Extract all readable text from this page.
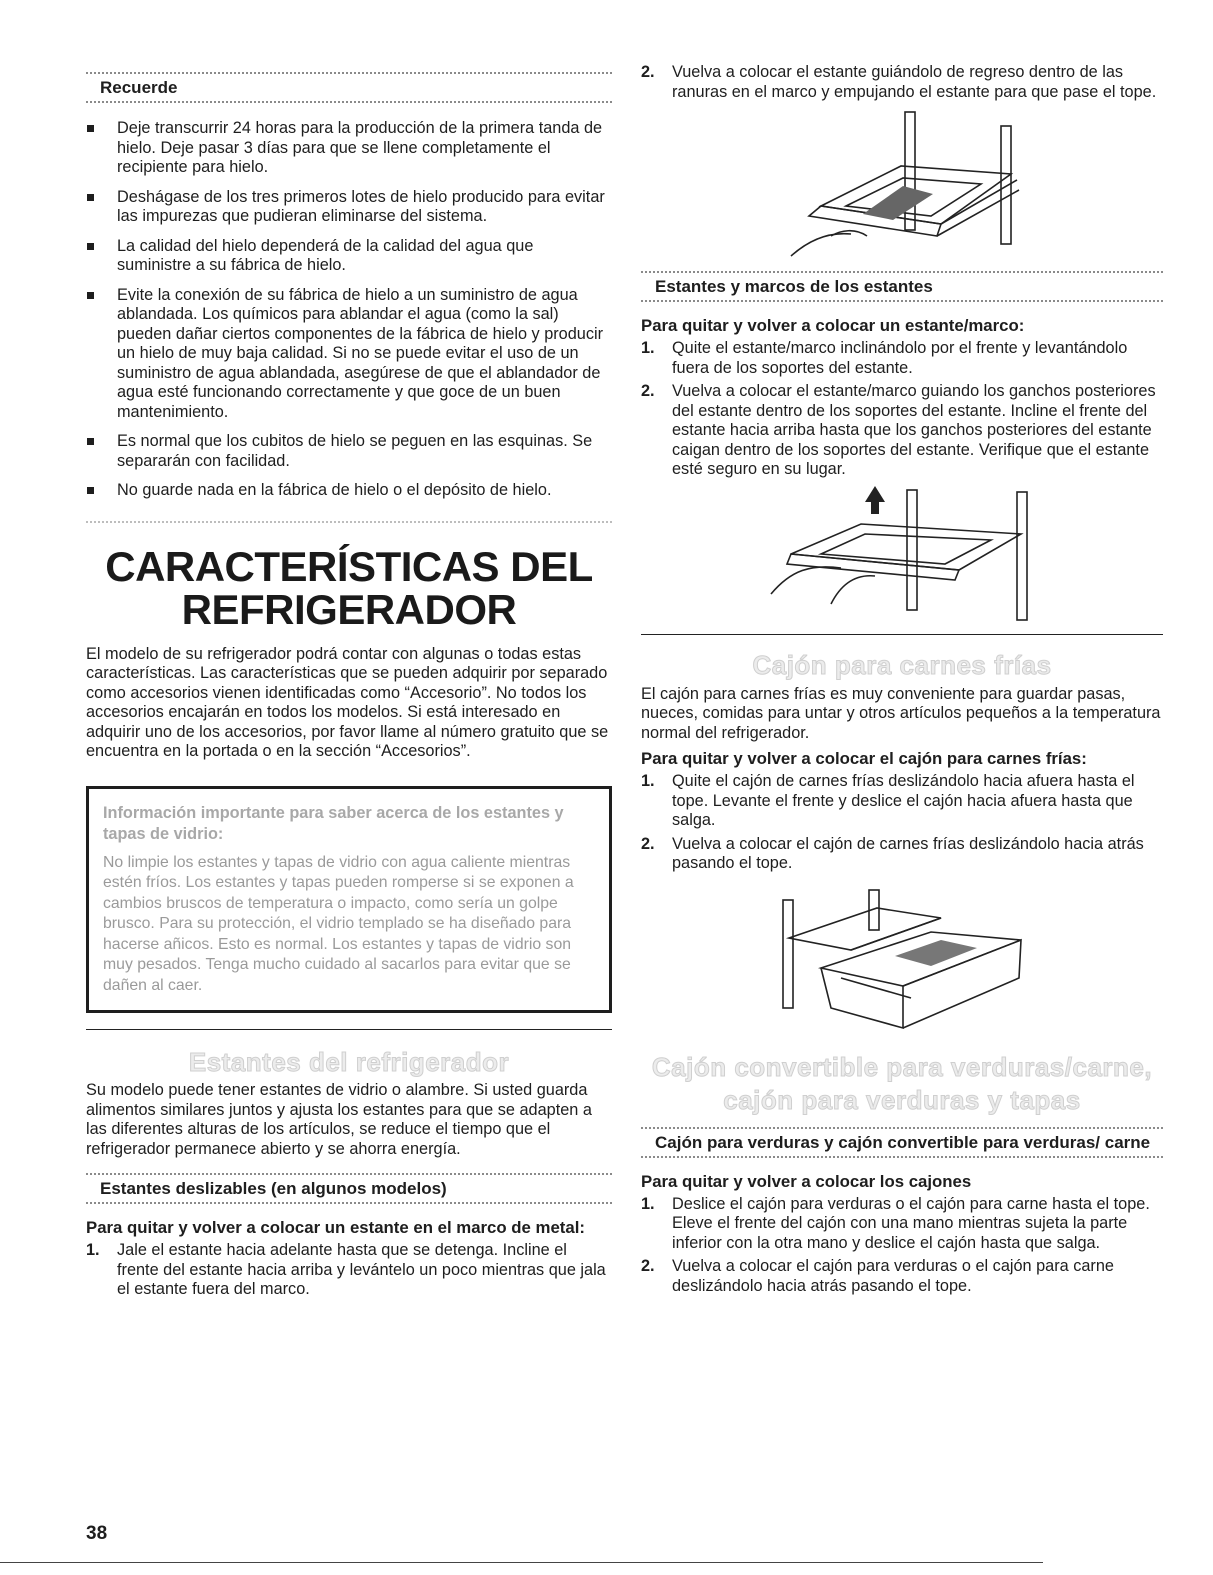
Recuerde
Deje transcurrir 24 horas para la producción de la primera tanda de hielo. Deje pasar 3 días para que se llene completamente el recipiente para hielo.
Deshágase de los tres primeros lotes de hielo producido para evitar las impurezas que pudieran eliminarse del sistema.
La calidad del hielo dependerá de la calidad del agua que suministre a su fábrica de hielo.
Evite la conexión de su fábrica de hielo a un suministro de agua ablandada. Los químicos para ablandar el agua (como la sal) pueden dañar ciertos componentes de la fábrica de hielo y producir un hielo de muy baja calidad. Si no se puede evitar el uso de un suministro de agua ablandada, asegúrese de que el ablandador de agua esté funcionando correctamente y que goce de un buen mantenimiento.
Es normal que los cubitos de hielo se peguen en las esquinas. Se separarán con facilidad.
No guarde nada en la fábrica de hielo o el depósito de hielo.
CARACTERÍSTICAS DEL
REFRIGERADOR

El modelo de su refrigerador podrá contar con algunas o todas estas características. Las características que se pueden adquirir por separado como accesorios vienen identificadas como “Accesorio”. No todos los accesorios encajarán en todos los modelos. Si está interesado en adquirir uno de los accesorios, por favor llame al número gratuito que se encuentra en la portada o en la sección “Accesorios”.

Información importante para saber acerca de los estantes y tapas de vidrio:

No limpie los estantes y tapas de vidrio con agua caliente mientras estén fríos. Los estantes y tapas pueden romperse si se exponen a cambios bruscos de temperatura o impacto, como sería un golpe brusco. Para su protección, el vidrio templado se ha diseñado para hacerse añicos. Esto es normal. Los estantes y tapas de vidrio son muy pesados. Tenga mucho cuidado al sacarlos para evitar que se dañen al caer.

Estantes del refrigerador

Su modelo puede tener estantes de vidrio o alambre. Si usted guarda alimentos similares juntos y ajusta los estantes para que se adapten a las diferentes alturas de los artículos, se reduce el tiempo que el refrigerador permanece abierto y se ahorra energía.

Estantes deslizables (en algunos modelos)

Para quitar y volver a colocar un estante en el marco de metal:

1. Jale el estante hacia adelante hasta que se detenga. Incline el frente del estante hacia arriba y levántelo un poco mientras que jala el estante fuera del marco.
2. Vuelva a colocar el estante guiándolo de regreso dentro de las ranuras en el marco y empujando el estante para que pase el tope.
Estantes y marcos de los estantes

Para quitar y volver a colocar un estante/marco:

1. Quite el estante/marco inclinándolo por el frente y levantándolo fuera de los soportes del estante.
2. Vuelva a colocar el estante/marco guiando los ganchos posteriores del estante dentro de los soportes del estante. Incline el frente del estante hacia arriba hasta que los ganchos posteriores del estante caigan dentro de los soportes del estante. Verifique que el estante esté seguro en su lugar.
Cajón para carnes frías

El cajón para carnes frías es muy conveniente para guardar pasas, nueces, comidas para untar y otros artículos pequeños a la temperatura normal del refrigerador.

Para quitar y volver a colocar el cajón para carnes frías:

1. Quite el cajón de carnes frías deslizándolo hacia afuera hasta el tope. Levante el frente y deslice el cajón hacia afuera hasta que salga.
2. Vuelva a colocar el cajón de carnes frías deslizándolo hacia atrás pasando el tope.
Cajón convertible para verduras/carne,
cajón para verduras y tapas
Cajón para verduras y cajón convertible para verduras/ carne

Para quitar y volver a colocar los cajones

1. Deslice el cajón para verduras o el cajón para carne hasta el tope. Eleve el frente del cajón con una mano mientras sujeta la parte inferior con la otra mano y deslice el cajón hasta que salga.
2. Vuelva a colocar el cajón para verduras o el cajón para carne deslizándolo hacia atrás pasando el tope.
38
